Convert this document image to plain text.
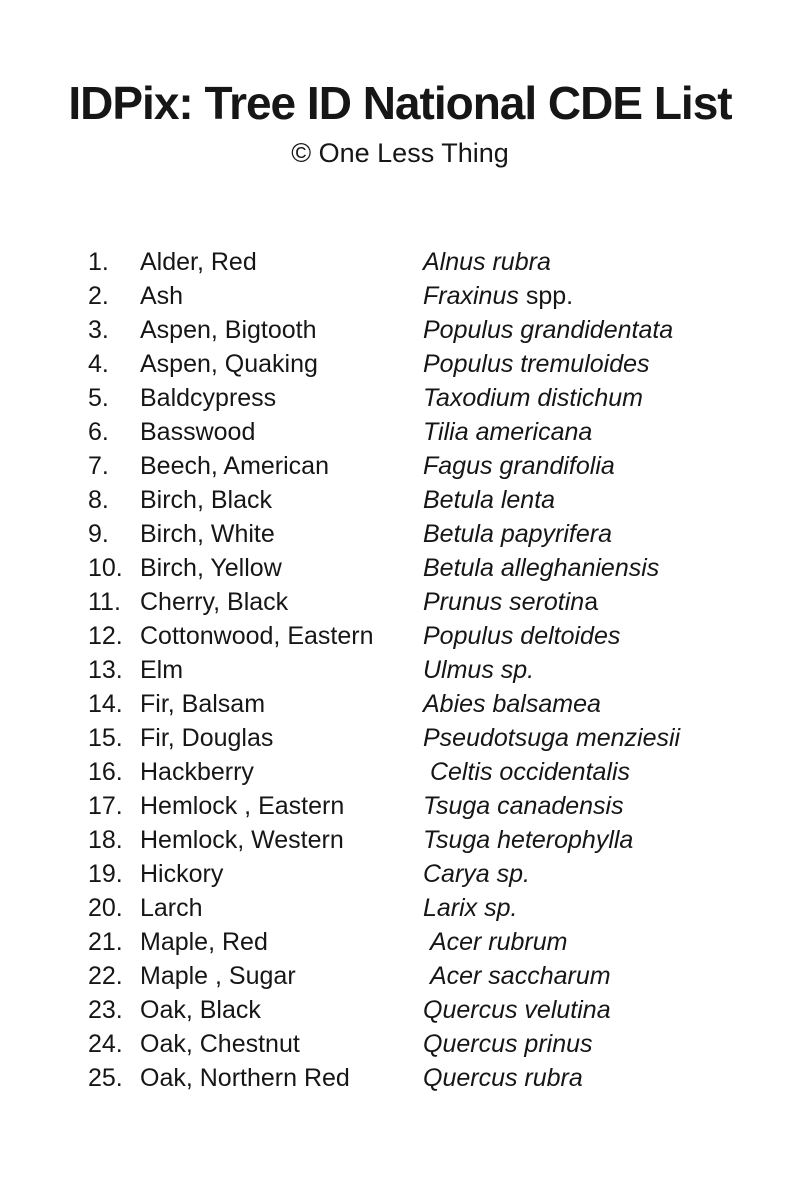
IDPix: Tree ID National CDE List
© One Less Thing
1.	Alder, Red	Alnus rubra
2.	Ash	Fraxinus spp.
3.	Aspen, Bigtooth	Populus grandidentata
4.	Aspen, Quaking	Populus tremuloides
5.	Baldcypress	Taxodium distichum
6.	Basswood	Tilia americana
7.	Beech, American	Fagus grandifolia
8.	Birch, Black	Betula lenta
9.	Birch, White	Betula papyrifera
10. Birch, Yellow	Betula alleghaniensis
11. Cherry, Black	Prunus serotina
12. Cottonwood, Eastern	Populus deltoides
13. Elm	Ulmus sp.
14. Fir, Balsam	Abies balsamea
15. Fir, Douglas	Pseudotsuga menziesii
16. Hackberry	Celtis occidentalis
17. Hemlock , Eastern	Tsuga canadensis
18. Hemlock, Western	Tsuga heterophylla
19. Hickory	Carya sp.
20. Larch	Larix sp.
21. Maple, Red	Acer rubrum
22. Maple , Sugar	Acer saccharum
23. Oak, Black	Quercus velutina
24. Oak, Chestnut	Quercus prinus
25. Oak, Northern Red	Quercus rubra
